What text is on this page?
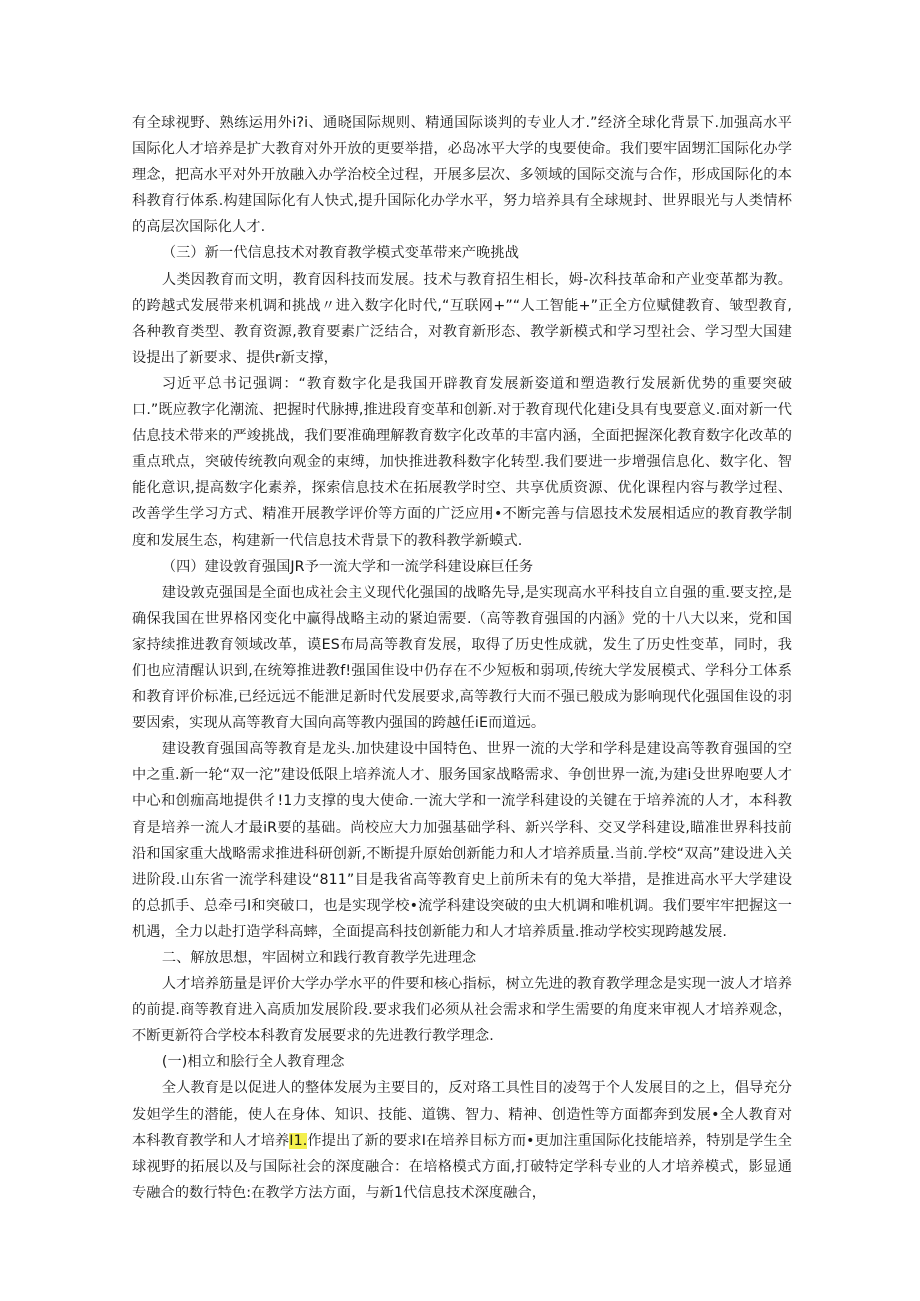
有全球视野、熟练运用外i?i、通晓国际规则、精通国际谈判的专业人才.”经济全球化背景下.加强高水平国际化人才培养是扩大教育对外开放的更要举措，必岛冰平大学的曳要使命。我们要牢固甥汇国际化办学理念，把高水平对外开放融入办学治校全过程，开展多层次、多领域的国际交流与合作，形成国际化的本科教育行体系.构建国际化有人快式,提升国际化办学水平，努力培养具有全球规封、世界眼光与人类情杯的高层次国际化人才.

（三）新一代信息技术对教育教学模式变革带来产晚挑战

人类因教育而文明，教育因科技而发展。技术与教育招生相长，姆-次科技革命和产业变革都为教。的跨越式发展带来机调和挑战〃进入数字化时代,“互联网+”“人工智能+”正全方位赋健教育、皱型教育,各种教育类型、教育资源,教育要素广泛结合，对教育新形态、教学新模式和学习型社会、学习型大国建设提出了新要求、提供r新支撑，

习近平总书记强调：“教育数字化是我国开辟教育发展新姿道和塑造教行发展新优势的重要突破口.”既应教字化潮流、把握时代脉搏,推进段育变革和创新.对于教育现代化建i殳具有曳要意义.面对新一代估息技术带来的严竣挑战，我们要准确理解教育数字化改革的丰富内涵，全面把握深化教育数字化改革的重点玳点，突破传统教向观金的束缚，加快推进教科数字化转型.我们要进一步增强信息化、数字化、智能化意识,提高数字化素养，探索信息技术在拓展教学时空、共享优质资源、优化课程内容与教学过程、改善学生学习方式、精准开展教学评价等方面的广泛应用•不断完善与信恩技术发展相适应的教育教学制度和发展生态，构建新一代信息技术背景下的教科教学新蟆式.

（四）建设敦育强国JR予一流大学和一流学科建设麻巨任务

建设敦克强国是全面也成社会主义现代化强国的战略先导,是实现高水平科技自立自强的重.要支控,是确保我国在世界格冈变化中赢得战略主动的紧迫需要.（高等教育强国的内涵》党的十八大以来，党和国家持续推进教育领域改革，谟ES布局高等教育发展，取得了历史性成就，发生了历史性变革，同时，我们也应清醒认识到,在统筹推进教f!强国隹设中仍存在不少短板和弱项,传统大学发展模式、学科分工体系和教育评价标准,已经远远不能泄足新时代发展要求,高等教行大而不强已般成为影响现代化强国隹设的羽要因索，实现从高等教育大国向高等教内强国的跨越任iE而道远。

建设教育强国高等教育是龙头.加快建设中国特色、世界一流的大学和学科是建设高等教育强国的空中之重.新一轮“双一沱”建设低限上培养流人才、服务国家战略需求、争创世界一流,为建i殳世界咆要人才中心和创痂高地提供彳!1力支撑的曳大使命.一流大学和一流学科建设的关键在于培养流的人才，本科教育是培养一流人才最iR要的基础。尚校应大力加强基础学科、新兴学科、交叉学科建设,瞄准世界科技前沿和国家重大战略需求推进科研创新,不断提升原始创新能力和人才培养质量.当前.学校“双高”建设进入关进阶段.山东省一流学科建设“811”目是我省高等教育史上前所未有的兔大举措，是推进高水平大学建设的总抓手、总牵弓I和突破口，也是实现学校•流学科建设突破的虫大机调和唯机调。我们要牢牢把握这一机遇，全力以赴打造学科高蟀，全面提高科技创新能力和人才培养质量.推动学校实现跨越发展.

二、解放思想，牢固树立和践行教育教学先进理念

人才培养筋量是评价大学办学水平的件要和核心指标，树立先进的教育教学理念是实现一波人才培养的前提.商等教育进入高质加发展阶段.要求我们必须从社会需求和学生需要的角度来审视人才培养观念，不断更新符合学校本科教育发展要求的先进教行教学理念.

(一)相立和脍行全人教育理念

全人教育是以促进人的整体发展为主要目的，反对珞工具性目的凌驾于个人发展目的之上，倡导充分发妲学生的潜能，使人在身体、知识、技能、道镌、智力、精神、创造性等方面都奔到发展•全人教育对本科教育教学和人才培养I1.作提出了新的要求I在培养目标方而•更加注重国际化技能培养，特别是学生全球视野的拓展以及与国际社会的深度融合：在培格模式方面,打破特定学科专业的人才培养模式，影显通专融合的数行特色:在教学方法方面，与新1代信息技术深度融合，
